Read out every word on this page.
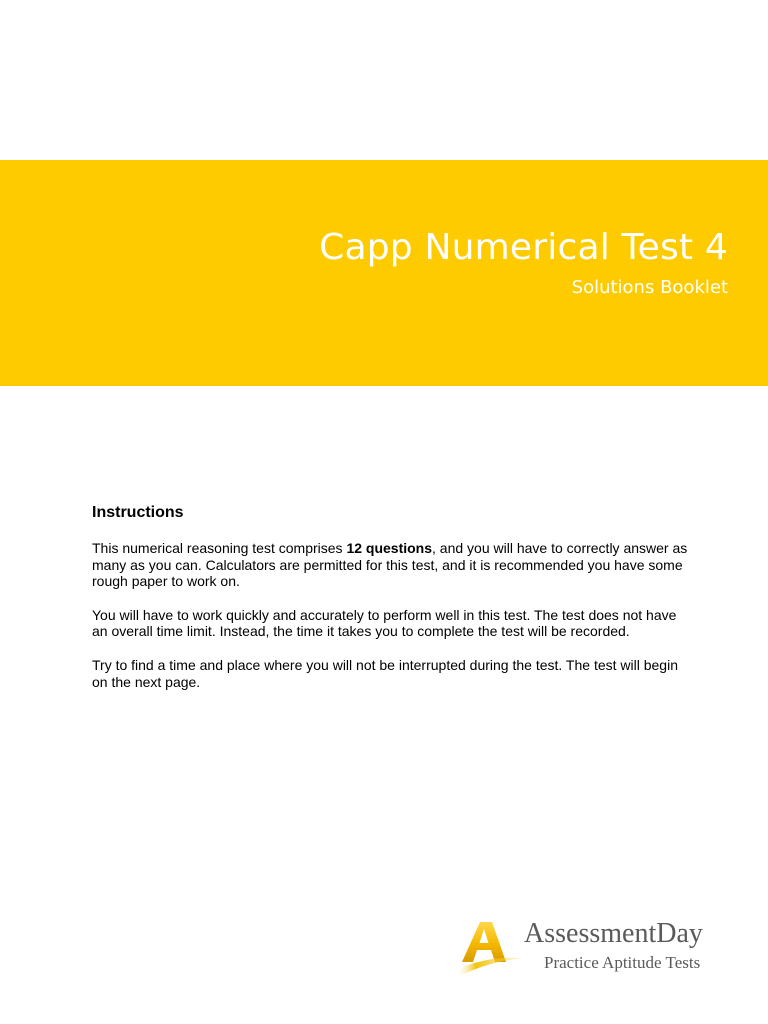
Capp Numerical Test 4
Solutions Booklet
Instructions

This numerical reasoning test comprises 12 questions, and you will have to correctly answer as many as you can. Calculators are permitted for this test, and it is recommended you have some rough paper to work on.

You will have to work quickly and accurately to perform well in this test. The test does not have an overall time limit. Instead, the time it takes you to complete the test will be recorded.

Try to find a time and place where you will not be interrupted during the test. The test will begin on the next page.

AssessmentDay
Practice Aptitude Tests
